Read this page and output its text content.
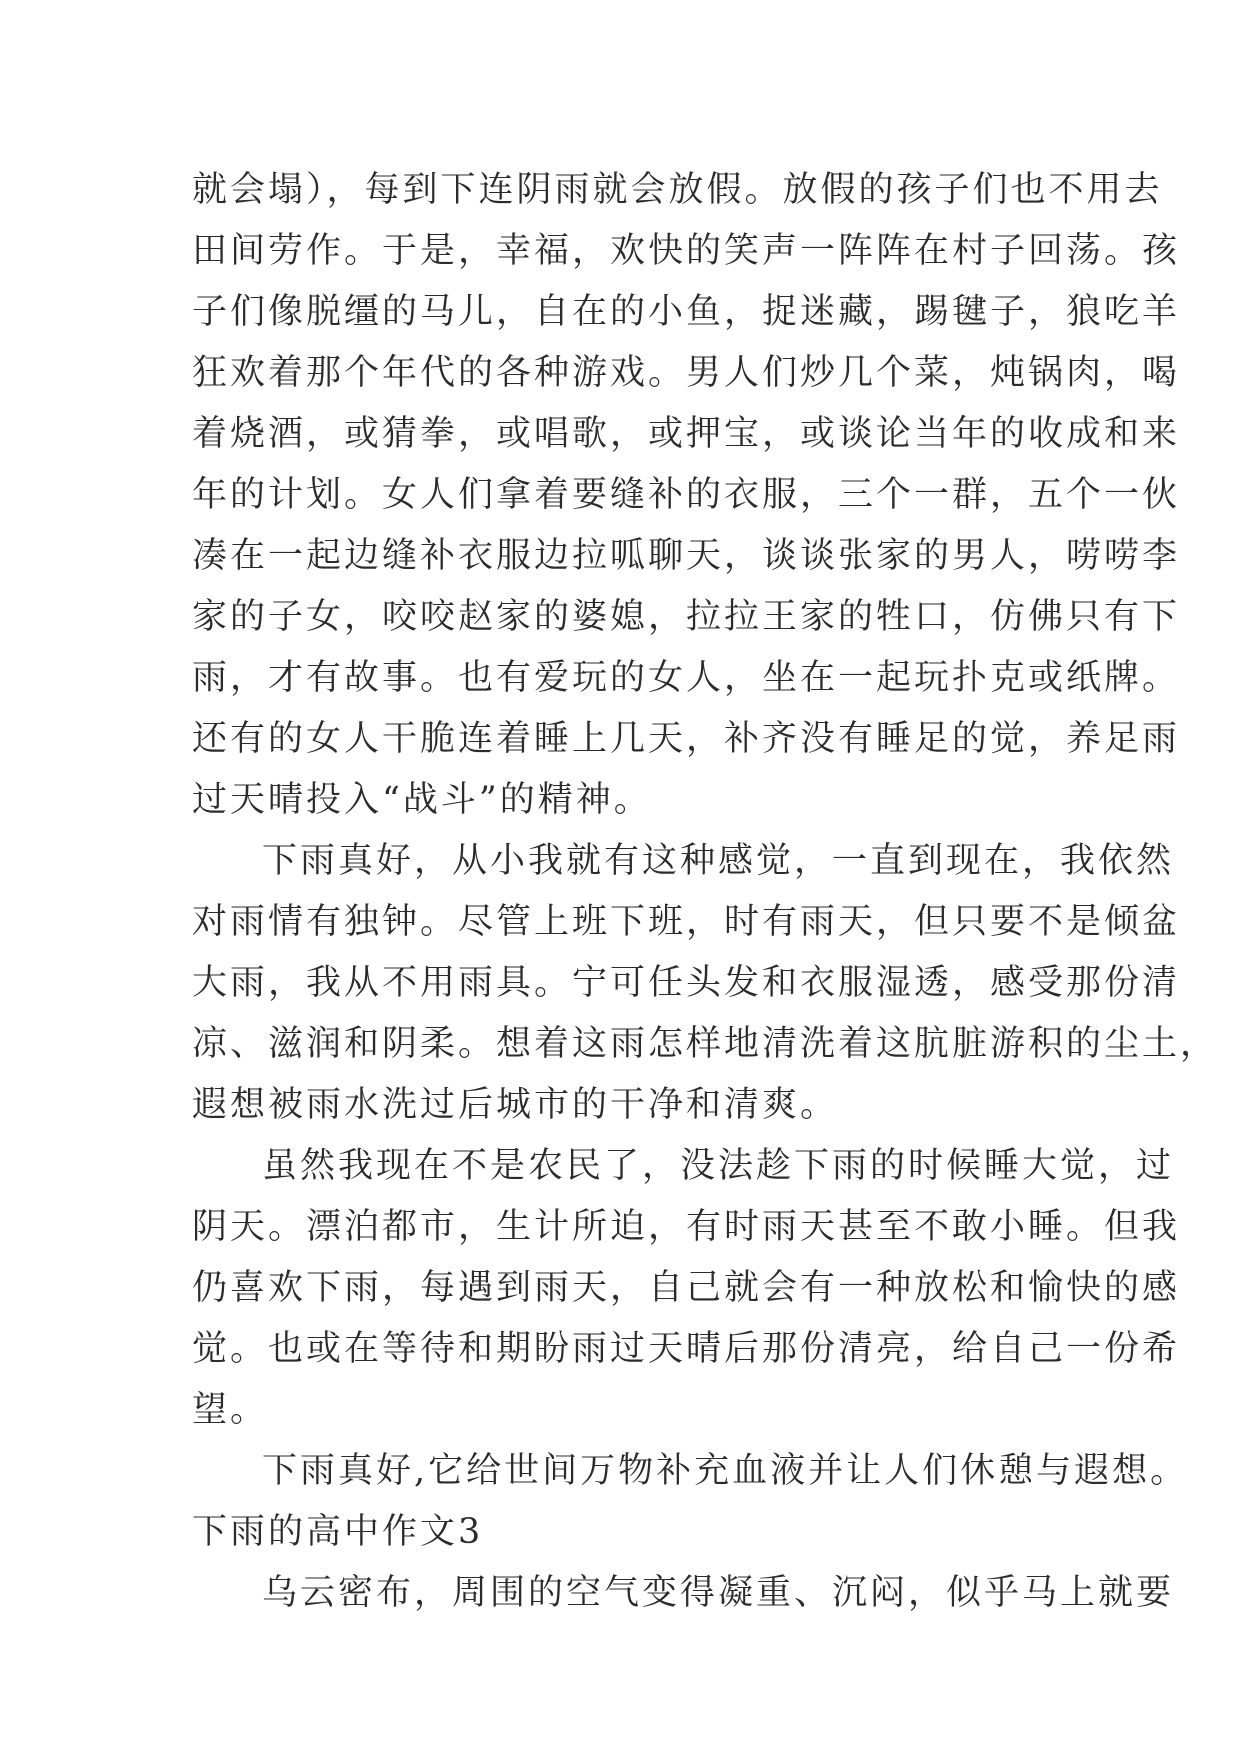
就会塌），每到下连阴雨就会放假。放假的孩子们也不用去
田间劳作。于是，幸福，欢快的笑声一阵阵在村子回荡。孩
子们像脱缰的马儿，自在的小鱼，捉迷藏，踢毽子，狼吃羊
狂欢着那个年代的各种游戏。男人们炒几个菜，炖锅肉，喝
着烧酒，或猜拳，或唱歌，或押宝，或谈论当年的收成和来
年的计划。女人们拿着要缝补的衣服，三个一群，五个一伙
凑在一起边缝补衣服边拉呱聊天，谈谈张家的男人，唠唠李
家的子女，咬咬赵家的婆媳，拉拉王家的牲口，仿佛只有下
雨，才有故事。也有爱玩的女人，坐在一起玩扑克或纸牌。
还有的女人干脆连着睡上几天，补齐没有睡足的觉，养足雨
过天晴投入“战斗”的精神。
下雨真好，从小我就有这种感觉，一直到现在，我依然
对雨情有独钟。尽管上班下班，时有雨天，但只要不是倾盆
大雨，我从不用雨具。宁可任头发和衣服湿透，感受那份清
凉、滋润和阴柔。想着这雨怎样地清洗着这肮脏游积的尘土，
遐想被雨水洗过后城市的干净和清爽。
虽然我现在不是农民了，没法趁下雨的时候睡大觉，过
阴天。漂泊都市，生计所迫，有时雨天甚至不敢小睡。但我
仍喜欢下雨，每遇到雨天，自己就会有一种放松和愉快的感
觉。也或在等待和期盼雨过天晴后那份清亮，给自己一份希
望。
下雨真好,它给世间万物补充血液并让人们休憩与遐想。
下雨的高中作文3
乌云密布，周围的空气变得凝重、沉闷，似乎马上就要
